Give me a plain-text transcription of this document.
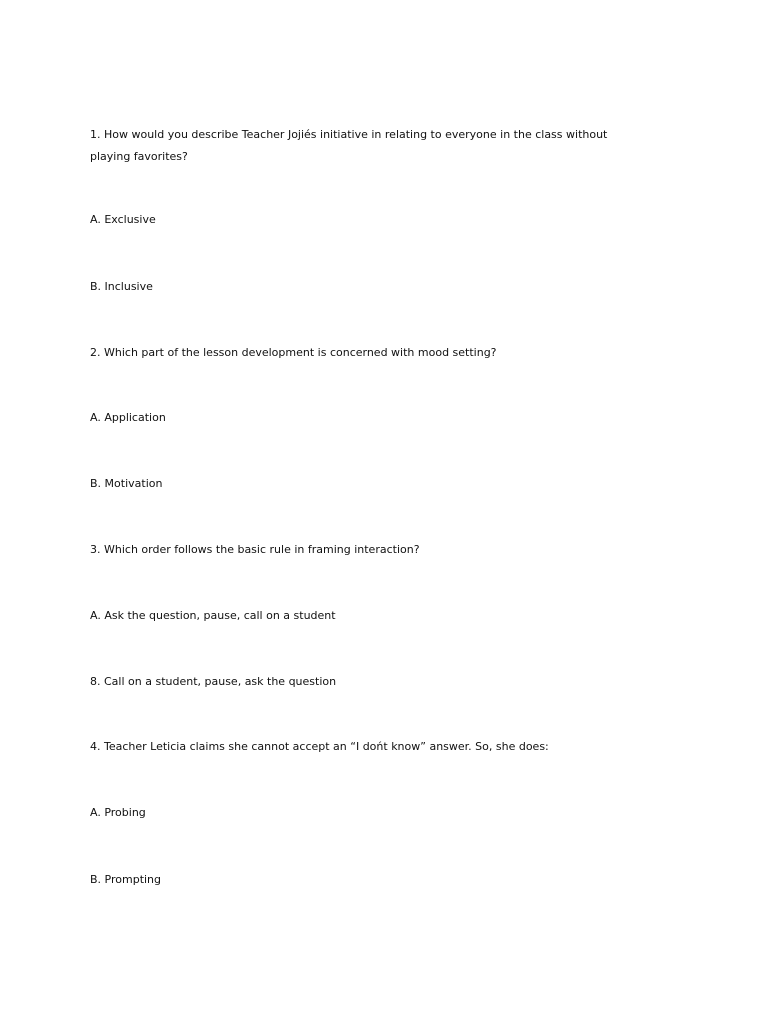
1. How would you describe Teacher Jojiés initiative in relating to everyone in the class without playing favorites?
A. Exclusive
B. Inclusive
2. Which part of the lesson development is concerned with mood setting?
A. Application
B. Motivation
3. Which order follows the basic rule in framing interaction?
A. Ask the question, pause, call on a student
8. Call on a student, pause, ask the question
4. Teacher Leticia claims she cannot accept an “I dońt know” answer. So, she does:
A. Probing
B. Prompting
